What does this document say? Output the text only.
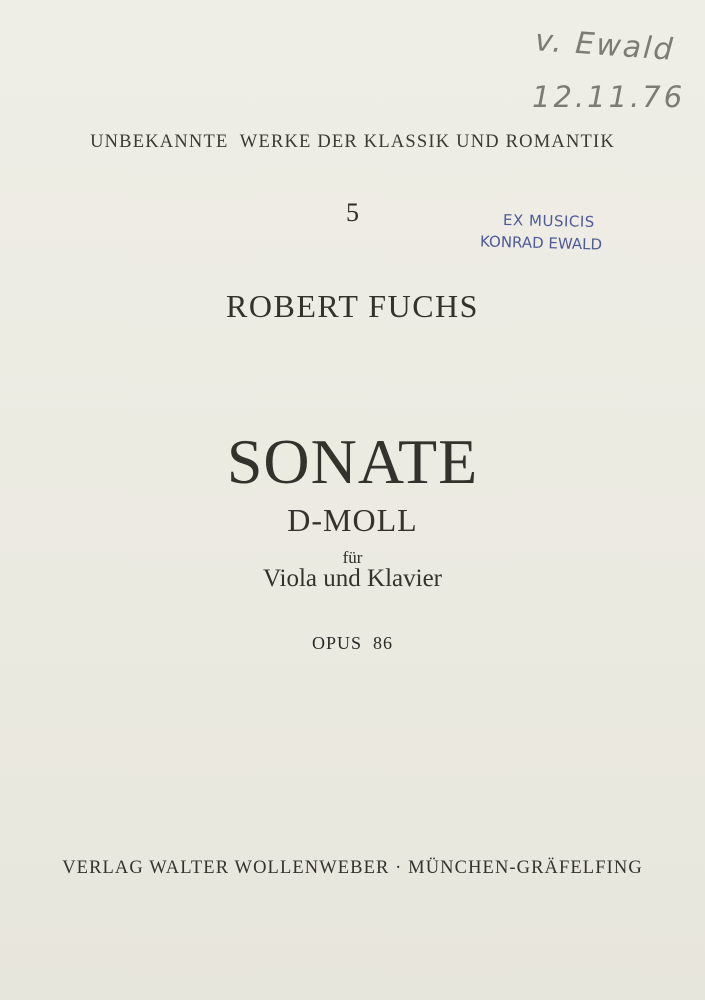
v. Ewald
12.11.76
UNBEKANNTE  WERKE DER KLASSIK UND ROMANTIK
5	EX MUSICIS
KONRAD EWALD
ROBERT FUCHS
SONATE
D-MOLL
für
Viola und Klavier
OPUS  86
VERLAG WALTER WOLLENWEBER · MÜNCHEN-GRÄFELFING
